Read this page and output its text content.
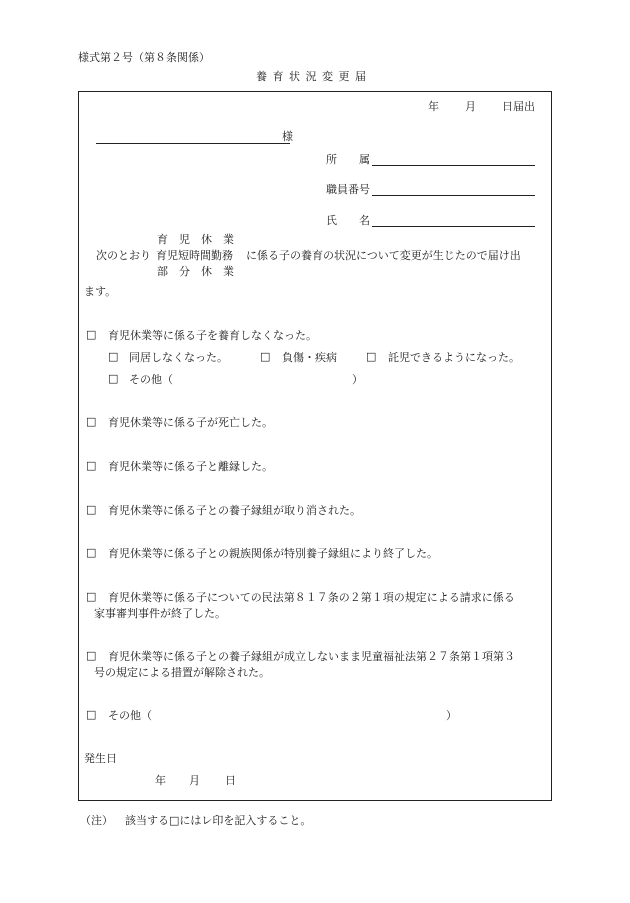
様式第２号（第８条関係）
養 育 状 況 変 更 届
年 月 日届出
様
所　　属
職員番号
氏　　名
育　児　休　業
次のとおり 育児短時間勤務 に係る子の養育の状況について変更が生じたので届け出
部　分　休　業
ます。
□ 育児休業等に係る子を養育しなくなった。
□ 同居しなくなった。	□ 負傷・疾病	□ 託児できるようになった。
□ その他（	）
□ 育児休業等に係る子が死亡した。
□ 育児休業等に係る子と離縁した。
□ 育児休業等に係る子との養子縁組が取り消された。
□ 育児休業等に係る子との親族関係が特別養子縁組により終了した。
□ 育児休業等に係る子についての民法第８１７条の２第１項の規定による請求に係る
家事審判事件が終了した。
□ 育児休業等に係る子との養子縁組が成立しないまま児童福祉法第２７条第１項第３
号の規定による措置が解除された。
□ その他（	）
発生日
年 月 日
（注） 該当する□にはレ印を記入すること。
